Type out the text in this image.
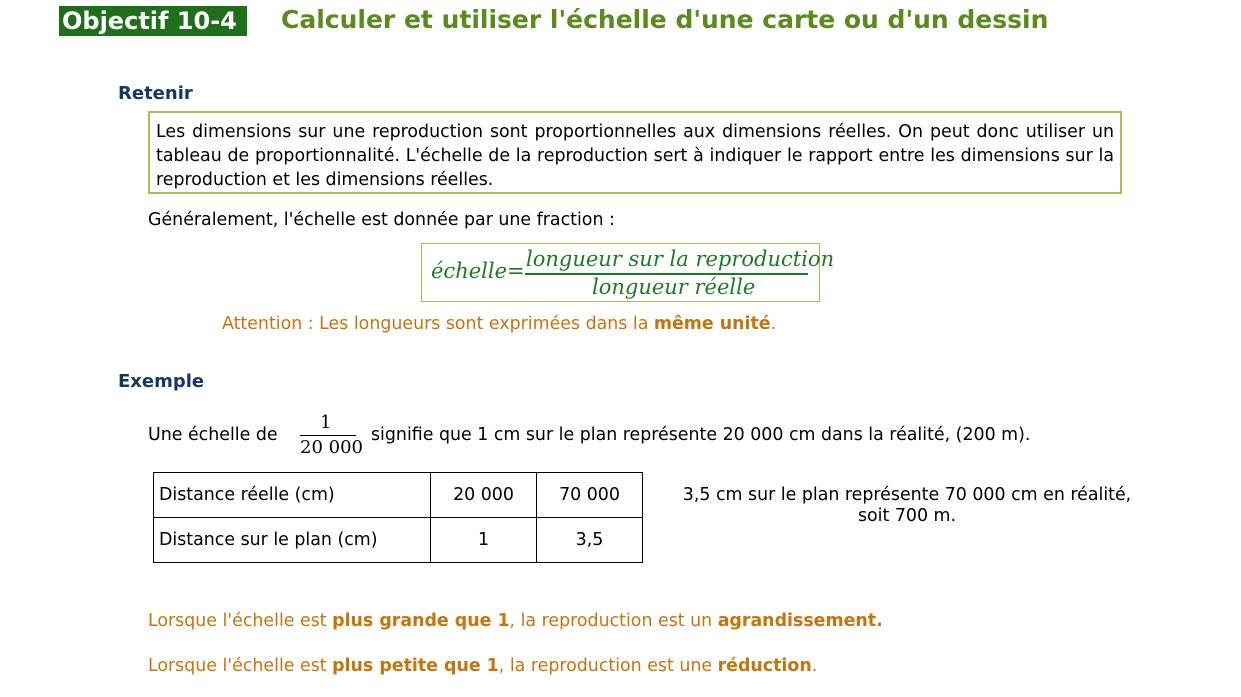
Objectif 10-4	Calculer et utiliser l'échelle d'une carte ou d'un dessin
Retenir
Les dimensions sur une reproduction sont proportionnelles aux dimensions réelles. On peut donc utiliser un tableau de proportionnalité. L'échelle de la reproduction sert à indiquer le rapport entre les dimensions sur la reproduction et les dimensions réelles.
Généralement, l'échelle est donnée par une fraction :
échelle= longueur sur la reproduction
longueur réelle
Attention : Les longueurs sont exprimées dans la même unité.
Exemple
Une échelle de
1
20 000
signifie que 1 cm sur le plan représente 20 000 cm dans la réalité, (200 m).
Distance réelle (cm)	20 000	70 000
Distance sur le plan (cm)	1	3,5
3,5 cm sur le plan représente 70 000 cm en réalité,
soit 700 m.
Lorsque l'échelle est plus grande que 1, la reproduction est un agrandissement.
Lorsque l'échelle est plus petite que 1, la reproduction est une réduction.
